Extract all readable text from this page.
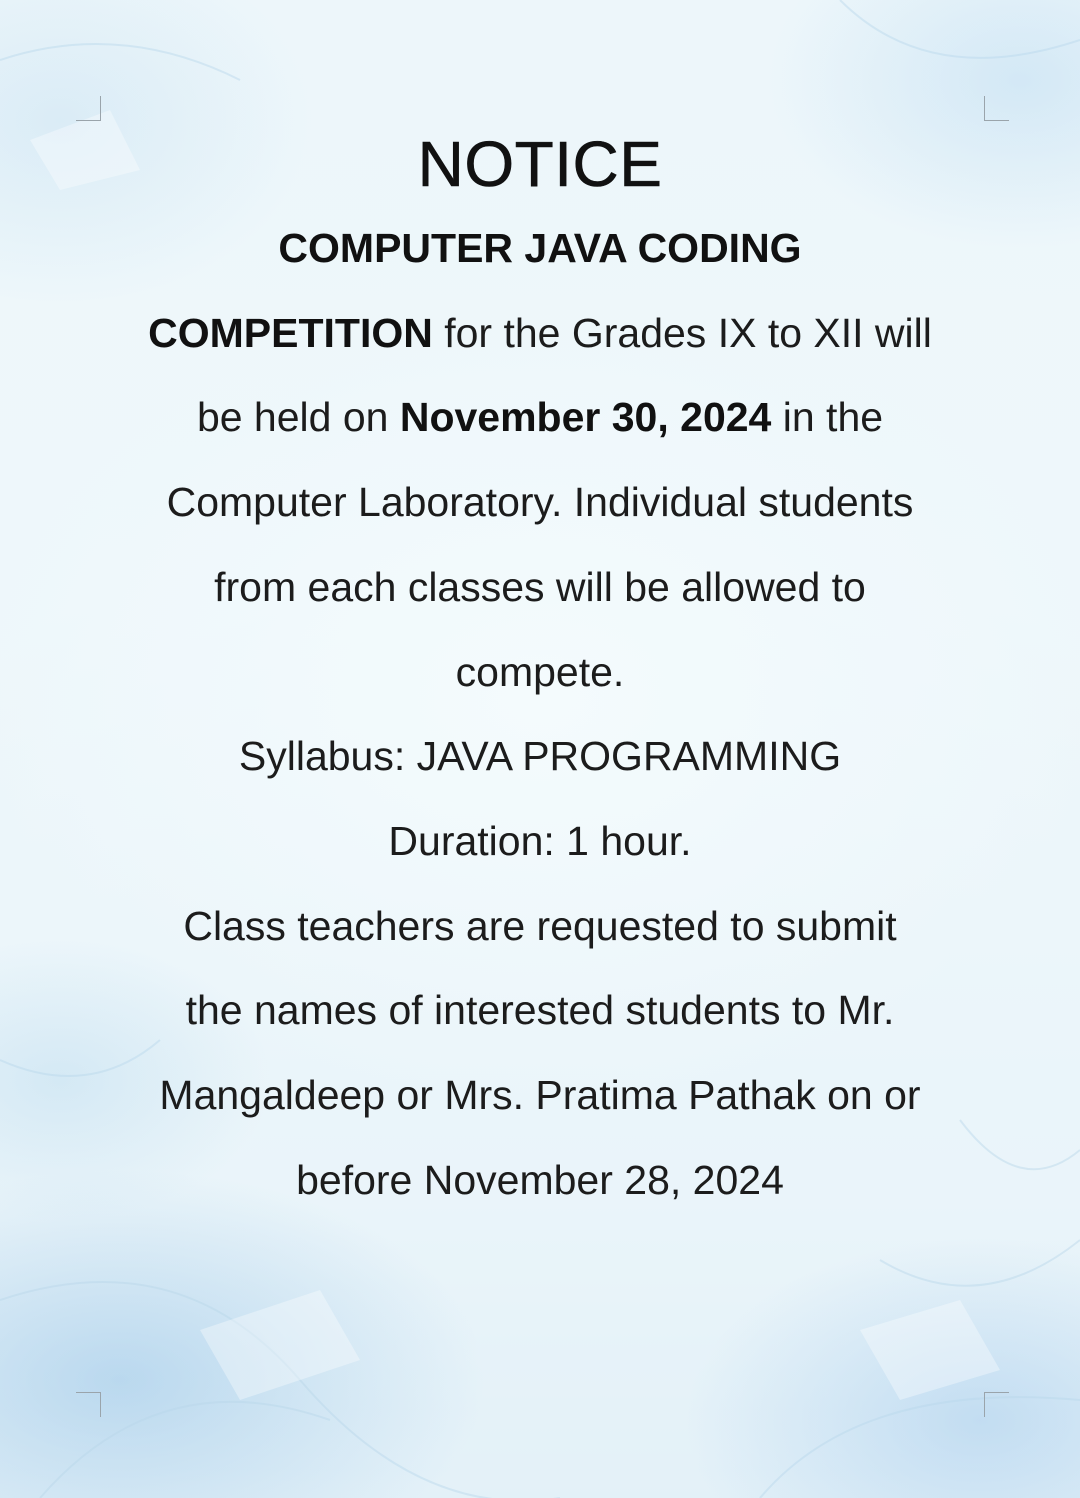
NOTICE

COMPUTER JAVA CODING

COMPETITION for the Grades IX to XII will

be held on November 30, 2024 in the

Computer Laboratory. Individual students

from each classes will be allowed to

compete.

Syllabus: JAVA PROGRAMMING

Duration: 1 hour.

Class teachers are requested to submit

the names of interested students to Mr.

Mangaldeep or Mrs. Pratima Pathak on or

before November 28, 2024
